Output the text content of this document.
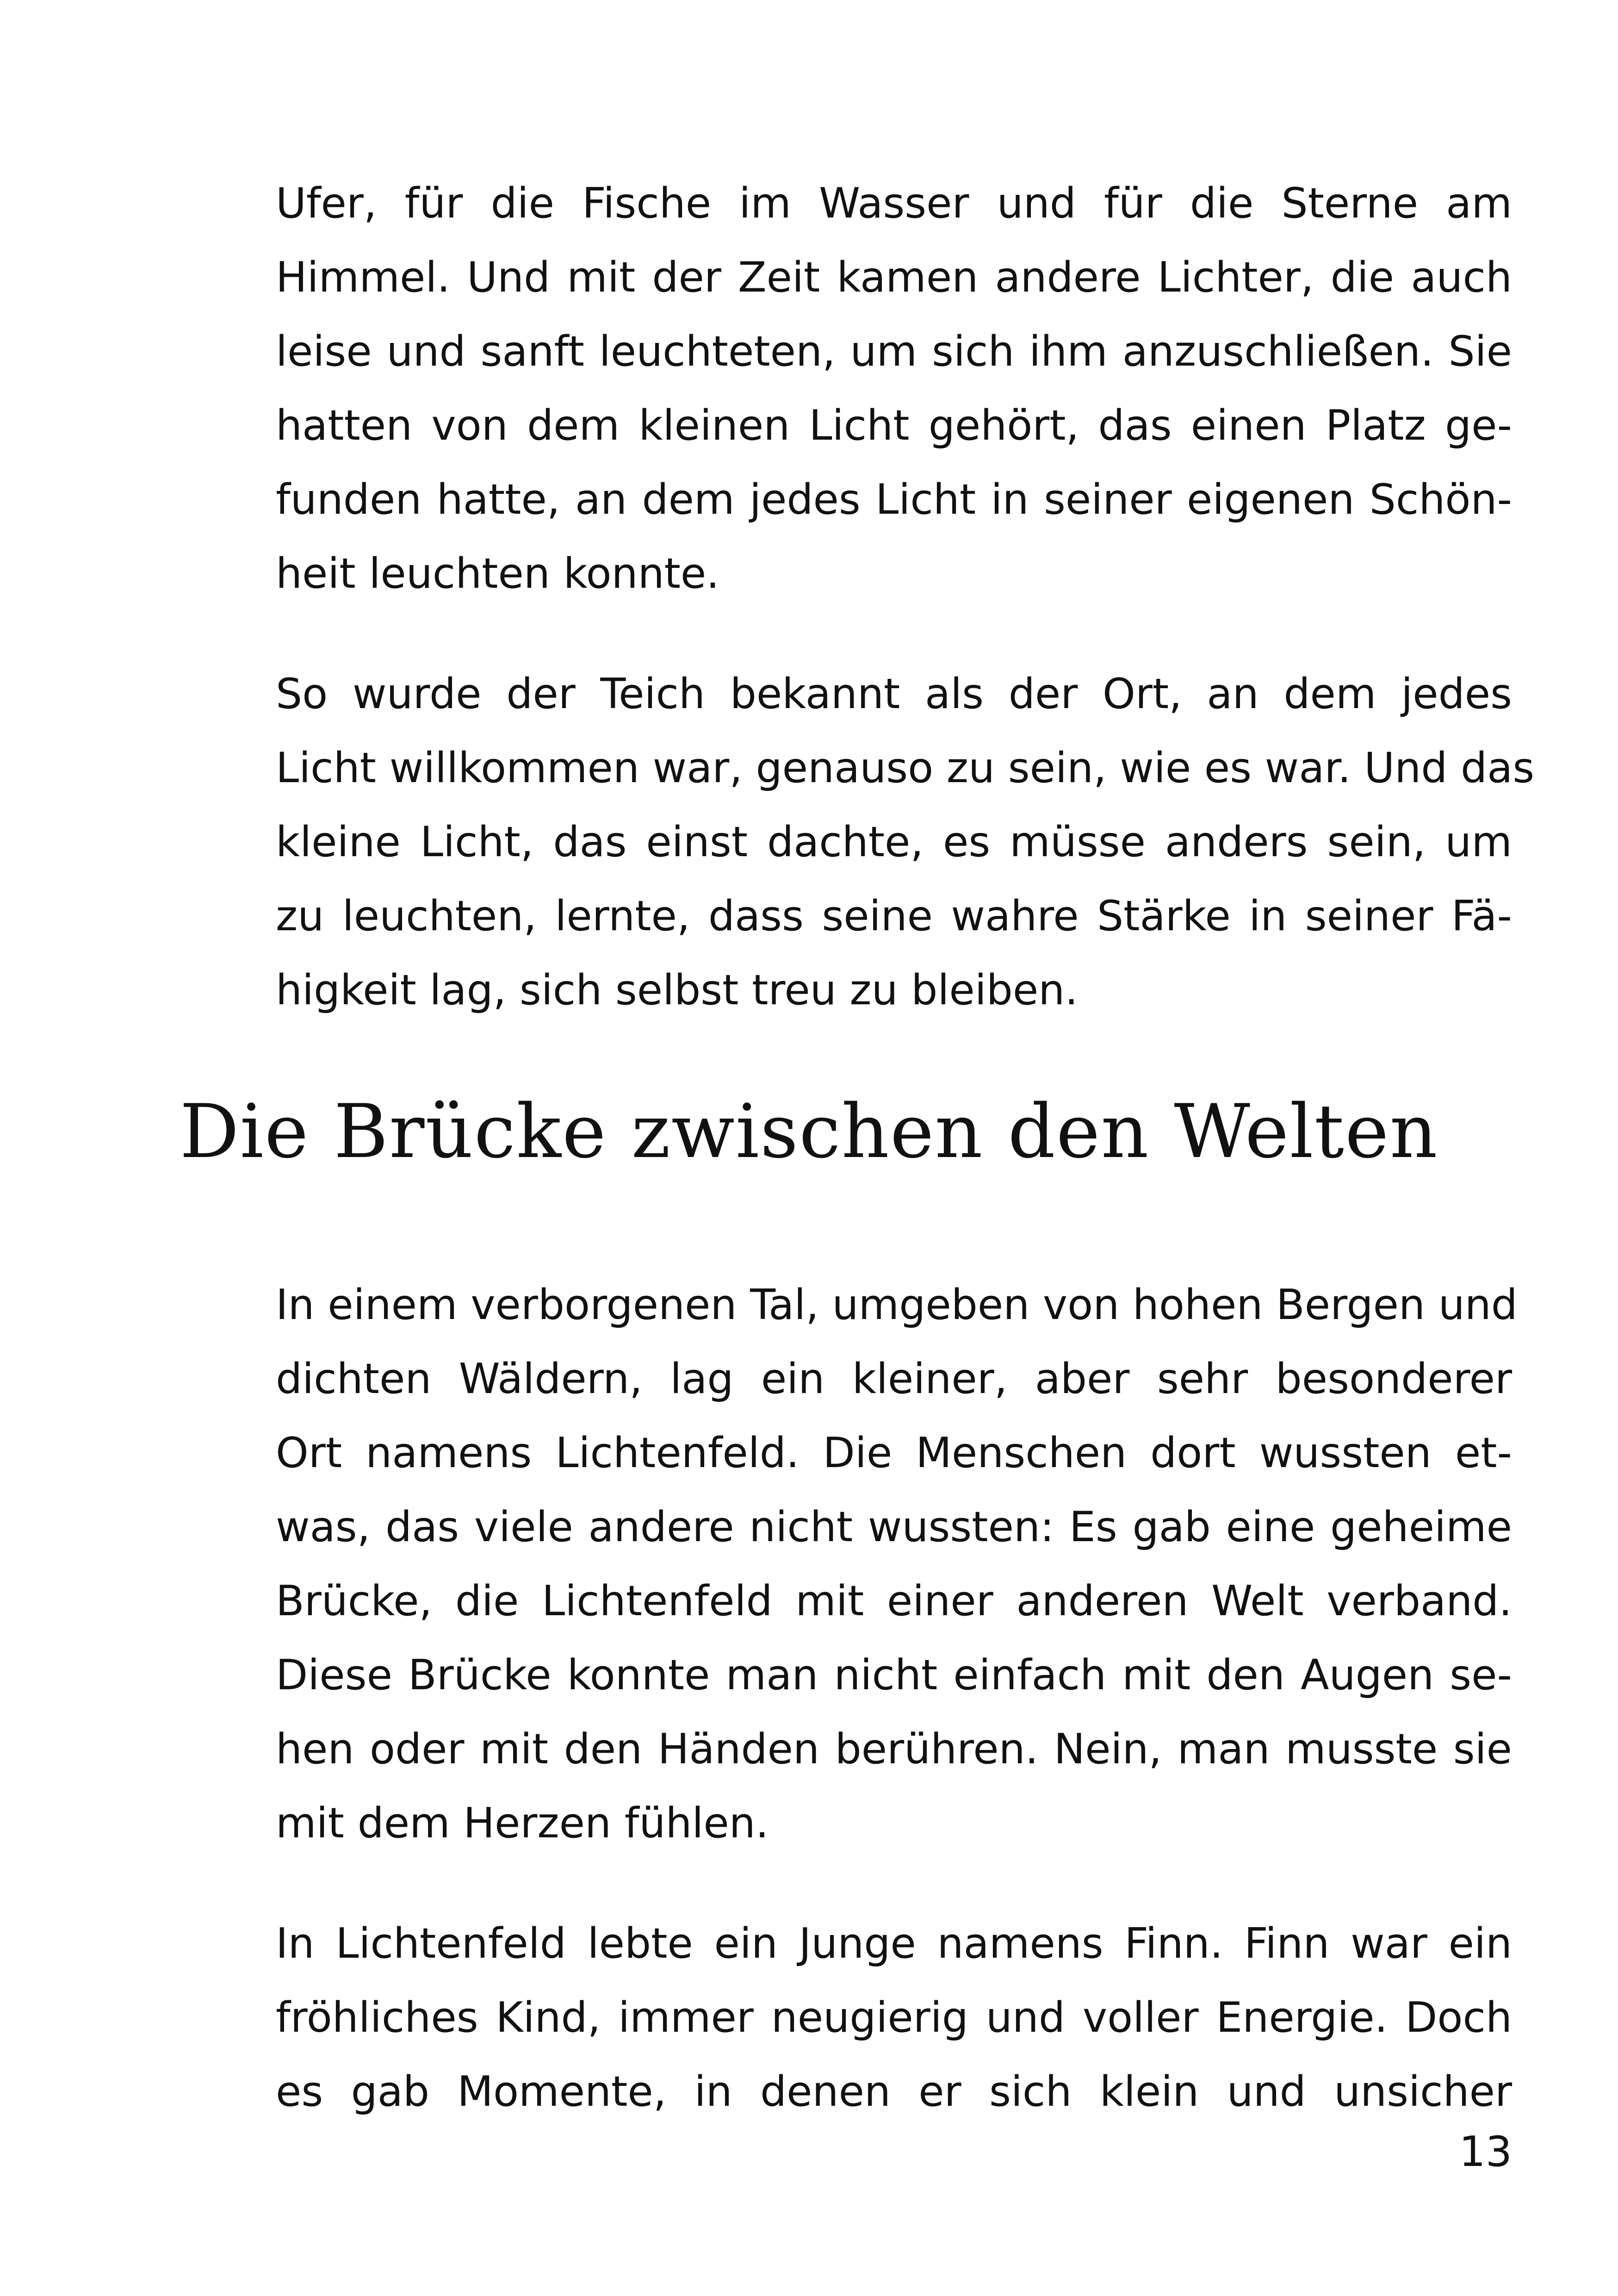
Ufer, für die Fische im Wasser und für die Sterne am
Himmel. Und mit der Zeit kamen andere Lichter, die auch
leise und sanft leuchteten, um sich ihm anzuschließen. Sie
hatten von dem kleinen Licht gehört, das einen Platz ge-
funden hatte, an dem jedes Licht in seiner eigenen Schön-
heit leuchten konnte.
So wurde der Teich bekannt als der Ort, an dem jedes
Licht willkommen war, genauso zu sein, wie es war. Und das
kleine Licht, das einst dachte, es müsse anders sein, um
zu leuchten, lernte, dass seine wahre Stärke in seiner Fä-
higkeit lag, sich selbst treu zu bleiben.
Die Brücke zwischen den Welten
In einem verborgenen Tal, umgeben von hohen Bergen und
dichten Wäldern, lag ein kleiner, aber sehr besonderer
Ort namens Lichtenfeld. Die Menschen dort wussten et-
was, das viele andere nicht wussten: Es gab eine geheime
Brücke, die Lichtenfeld mit einer anderen Welt verband.
Diese Brücke konnte man nicht einfach mit den Augen se-
hen oder mit den Händen berühren. Nein, man musste sie
mit dem Herzen fühlen.
In Lichtenfeld lebte ein Junge namens Finn. Finn war ein
fröhliches Kind, immer neugierig und voller Energie. Doch
es gab Momente, in denen er sich klein und unsicher
13
